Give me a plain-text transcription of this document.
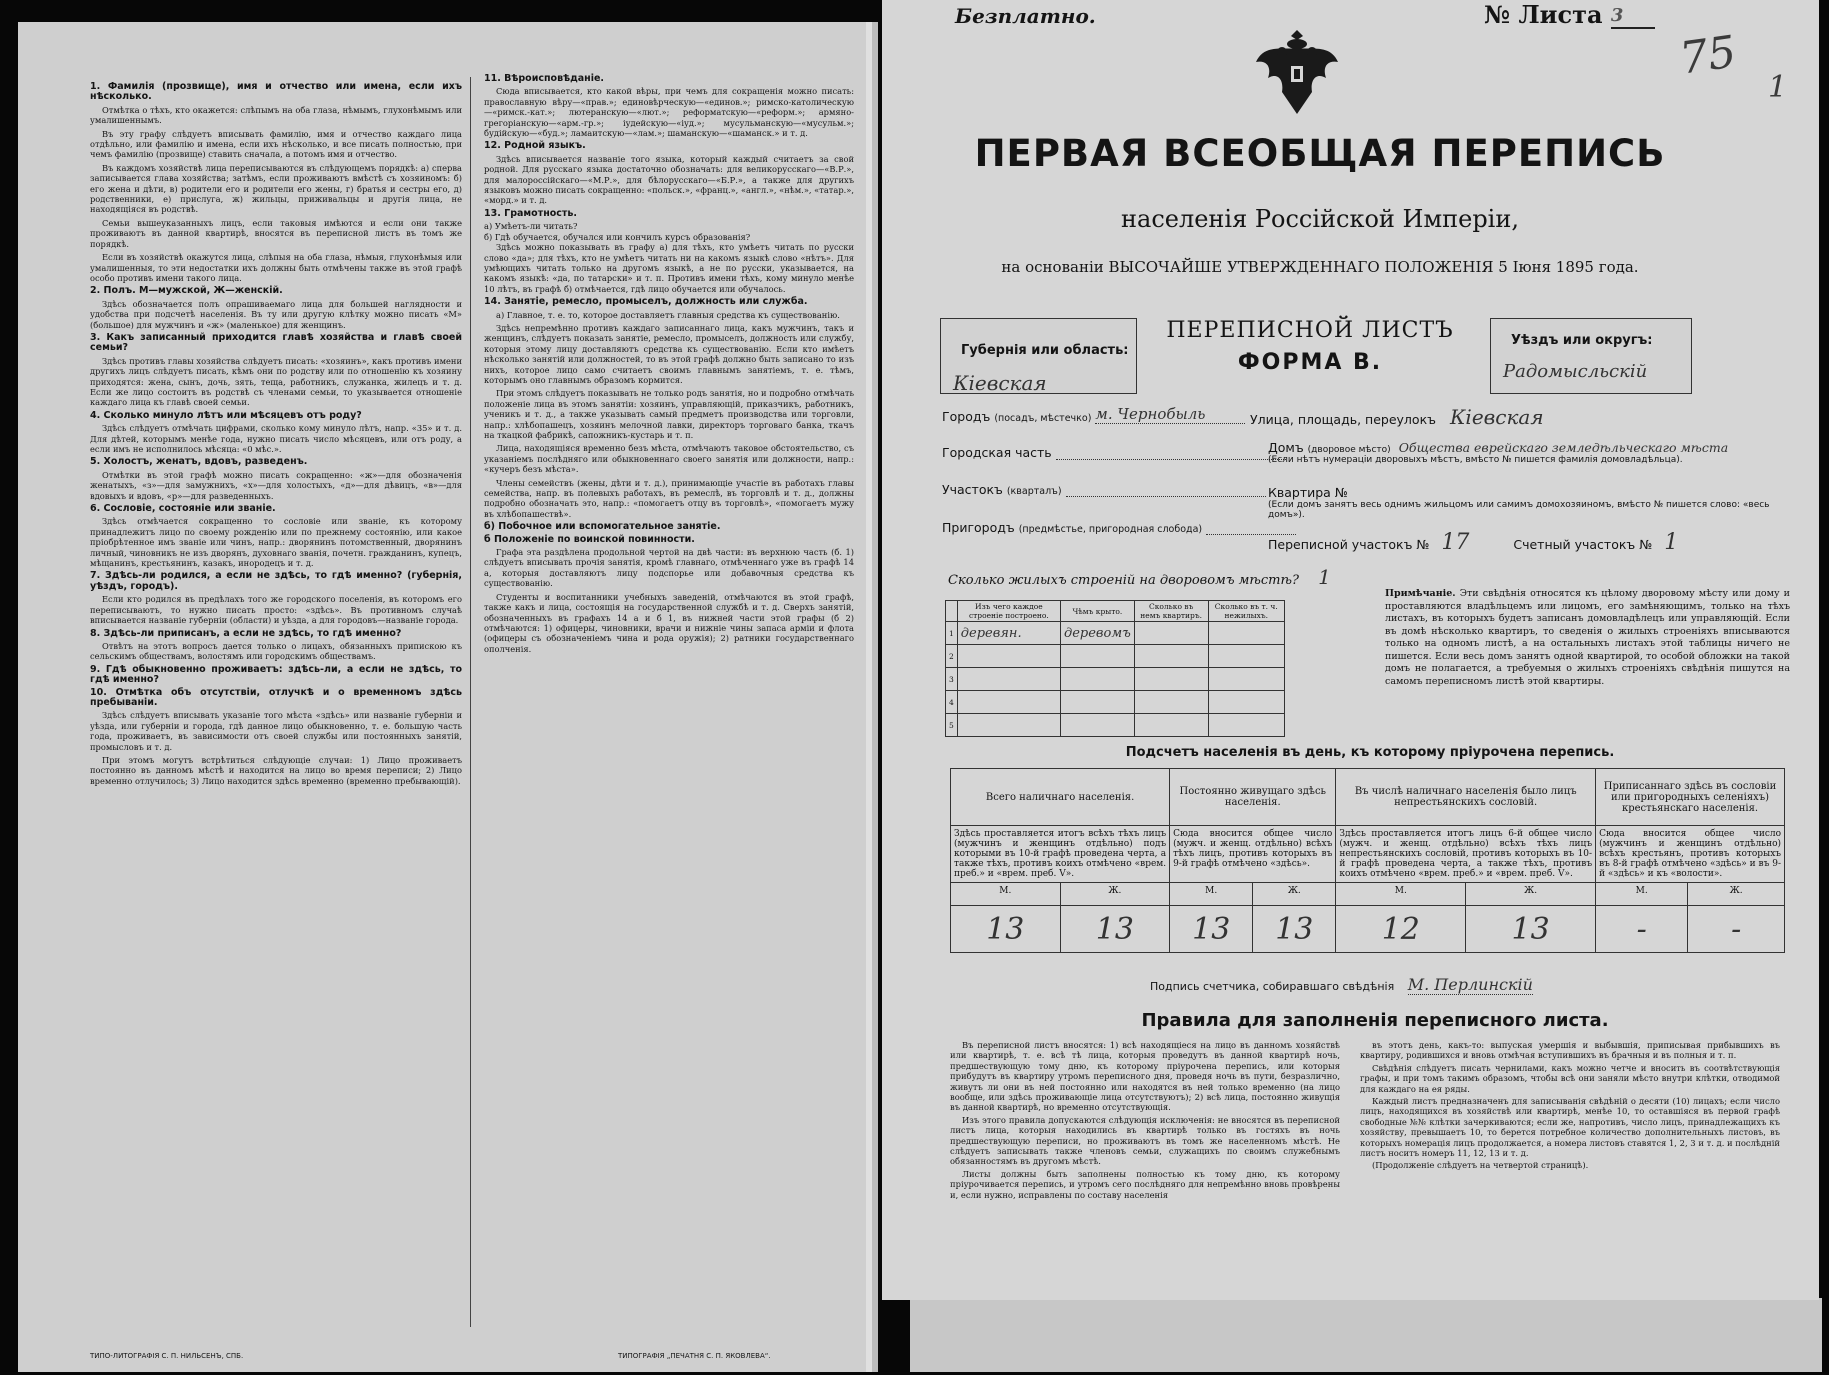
1. Фамилія (прозвище), имя и отчество или имена, если ихъ нѣсколько.

Отмѣтка о тѣхъ, кто окажется: слѣпымъ на оба глаза, нѣмымъ, глухонѣмымъ или умалишеннымъ.

Въ эту графу слѣдуетъ вписывать фамилію, имя и отчество каждаго лица отдѣльно, или фамилію и имена, если ихъ нѣсколько, и все писать полностью, при чемъ фамилію (прозвище) ставить сначала, а потомъ имя и отчество.

Въ каждомъ хозяйствѣ лица переписываются въ слѣдующемъ порядкѣ: а) сперва записывается глава хозяйства; затѣмъ, если проживаютъ вмѣстѣ съ хозяиномъ: б) его жена и дѣти, в) родители его и родители его жены, г) братья и сестры его, д) родственники, е) прислуга, ж) жильцы, приживальцы и другія лица, не находящіяся въ родствѣ.

Семьи вышеуказанныхъ лицъ, если таковыя имѣются и если они также проживаютъ въ данной квартирѣ, вносятся въ переписной листъ въ томъ же порядкѣ.

Если въ хозяйствѣ окажутся лица, слѣпыя на оба глаза, нѣмыя, глухонѣмыя или умалишенныя, то эти недостатки ихъ должны быть отмѣчены также въ этой графѣ особо противъ имени такого лица.

2. Полъ. М—мужской, Ж—женскій.

Здѣсь обозначается полъ опрашиваемаго лица для большей наглядности и удобства при подсчетѣ населенія. Въ ту или другую клѣтку можно писать «М» (большое) для мужчинъ и «ж» (маленькое) для женщинъ.

3. Какъ записанный приходится главѣ хозяйства и главѣ своей семьи?

Здѣсь противъ главы хозяйства слѣдуетъ писать: «хозяинъ», какъ противъ имени другихъ лицъ слѣдуетъ писать, кѣмъ они по родству или по отношенію къ хозяину приходятся: жена, сынъ, дочь, зять, теща, работникъ, служанка, жилецъ и т. д. Если же лицо состоитъ въ родствѣ съ членами семьи, то указывается отношеніе каждаго лица къ главѣ своей семьи.

4. Сколько минуло лѣтъ или мѣсяцевъ отъ роду?

Здѣсь слѣдуетъ отмѣчать цифрами, сколько кому минуло лѣтъ, напр. «35» и т. д. Для дѣтей, которымъ менѣе года, нужно писать число мѣсяцевъ, или отъ роду, а если имъ не исполнилось мѣсяца: «0 мѣс.».

5. Холостъ, женатъ, вдовъ, разведенъ.

Отмѣтки въ этой графѣ можно писать сокращенно: «ж»—для обозначенія женатыхъ, «з»—для замужнихъ, «х»—для холостыхъ, «д»—для дѣвицъ, «в»—для вдовыхъ и вдовъ, «р»—для разведенныхъ.

6. Сословіе, состояніе или званіе.

Здѣсь отмѣчается сокращенно то сословіе или званіе, къ которому принадлежитъ лицо по своему рожденію или по прежнему состоянію, или какое пріобрѣтенное имъ званіе или чинъ, напр.: дворянинъ потомственный, дворянинъ личный, чиновникъ не изъ дворянъ, духовнаго званія, почетн. гражданинъ, купецъ, мѣщанинъ, крестьянинъ, казакъ, инородецъ и т. д.

7. Здѣсь-ли родился, а если не здѣсь, то гдѣ именно? (губернія, уѣздъ, городъ).

Если кто родился въ предѣлахъ того же городского поселенія, въ которомъ его переписываютъ, то нужно писать просто: «здѣсь». Въ противномъ случаѣ вписывается названіе губерніи (области) и уѣзда, а для городовъ—названіе города.

8. Здѣсь-ли приписанъ, а если не здѣсь, то гдѣ именно?

Отвѣтъ на этотъ вопросъ дается только о лицахъ, обязанныхъ припискою къ сельскимъ обществамъ, волостямъ или городскимъ обществамъ.

9. Гдѣ обыкновенно проживаетъ: здѣсь-ли, а если не здѣсь, то гдѣ именно?
10. Отмѣтка объ отсутствіи, отлучкѣ и о временномъ здѣсь пребываніи.

Здѣсь слѣдуетъ вписывать указаніе того мѣста «здѣсь» или названіе губерніи и уѣзда, или губерніи и города, гдѣ данное лицо обыкновенно, т. е. большую часть года, проживаетъ, въ зависимости отъ своей службы или постоянныхъ занятій, промысловъ и т. д.

При этомъ могутъ встрѣтиться слѣдующіе случаи: 1) Лицо проживаетъ постоянно въ данномъ мѣстѣ и находится на лицо во время переписи; 2) Лицо временно отлучилось; 3) Лицо находится здѣсь временно (временно пребывающій).

11. Вѣроисповѣданіе.

Сюда вписывается, кто какой вѣры, при чемъ для сокращенія можно писать: православную вѣру—«прав.»; единовѣрческую—«единов.»; римско-католическую—«римск.-кат.»; лютеранскую—«лют.»; реформатскую—«реформ.»; армяно-грегоріанскую—«арм.-гр.»; іудейскую—«іуд.»; мусульманскую—«мусульм.»; будійскую—«буд.»; ламаитскую—«лам.»; шаманскую—«шаманск.» и т. д.

12. Родной языкъ.

Здѣсь вписывается названіе того языка, который каждый считаетъ за свой родной. Для русскаго языка достаточно обозначать: для великорусскаго—«В.Р.», для малороссійскаго—«М.Р.», для бѣлорусскаго—«Б.Р.», а также для другихъ языковъ можно писать сокращенно: «польск.», «франц.», «англ.», «нѣм.», «татар.», «морд.» и т. д.

13. Грамотность.
а) Умѣетъ-ли читать?
б) Гдѣ обучается, обучался или кончилъ курсъ образованія?

Здѣсь можно показывать въ графу а) для тѣхъ, кто умѣетъ читать по русски слово «да»; для тѣхъ, кто не умѣетъ читать ни на какомъ языкѣ слово «нѣтъ». Для умѣющихъ читать только на другомъ языкѣ, а не по русски, указывается, на какомъ языкѣ: «да, по татарски» и т. п. Противъ имени тѣхъ, кому минуло менѣе 10 лѣтъ, въ графѣ б) отмѣчается, гдѣ лицо обучается или обучалось.

14. Занятіе, ремесло, промыселъ, должность или служба.

а) Главное, т. е. то, которое доставляетъ главныя средства къ существованію.

Здѣсь непремѣнно противъ каждаго записаннаго лица, какъ мужчинъ, такъ и женщинъ, слѣдуетъ показать занятіе, ремесло, промыселъ, должность или службу, которыя этому лицу доставляютъ средства къ существованію. Если кто имѣетъ нѣсколько занятій или должностей, то въ этой графѣ должно быть записано то изъ нихъ, которое лицо само считаетъ своимъ главнымъ занятіемъ, т. е. тѣмъ, которымъ оно главнымъ образомъ кормится.

При этомъ слѣдуетъ показывать не только родъ занятія, но и подробно отмѣчать положеніе лица въ этомъ занятіи: хозяинъ, управляющій, приказчикъ, работникъ, ученикъ и т. д., а также указывать самый предметъ производства или торговли, напр.: хлѣбопашецъ, хозяинъ мелочной лавки, директоръ торговаго банка, ткачъ на ткацкой фабрикѣ, сапожникъ-кустарь и т. п.

Лица, находящіяся временно безъ мѣста, отмѣчаютъ таковое обстоятельство, съ указаніемъ послѣдняго или обыкновеннаго своего занятія или должности, напр.: «кучеръ безъ мѣста».

Члены семействъ (жены, дѣти и т. д.), принимающіе участіе въ работахъ главы семейства, напр. въ полевыхъ работахъ, въ ремеслѣ, въ торговлѣ и т. д., должны подробно обозначать это, напр.: «помогаетъ отцу въ торговлѣ», «помогаетъ мужу въ хлѣбопашествѣ».

б) Побочное или вспомогательное занятіе.
б Положеніе по воинской повинности.

Графа эта раздѣлена продольной чертой на двѣ части: въ верхнюю часть (б. 1) слѣдуетъ вписывать прочія занятія, кромѣ главнаго, отмѣченнаго уже въ графѣ 14 а, которыя доставляютъ лицу подспорье или добавочныя средства къ существованію.

Студенты и воспитанники учебныхъ заведеній, отмѣчаются въ этой графѣ, также какъ и лица, состоящія на государственной службѣ и т. д. Сверхъ занятій, обозначенныхъ въ графахъ 14 а и б 1, въ нижней части этой графы (б 2) отмѣчаются: 1) офицеры, чиновники, врачи и нижніе чины запаса арміи и флота (офицеры съ обозначеніемъ чина и рода оружія); 2) ратники государственнаго ополченія.

ТИПО-ЛИТОГРАФІЯ С. П. НИЛЬСЕНЪ, СПБ.	ТИПОГРАФІЯ „ПЕЧАТНЯ С. П. ЯКОВЛЕВА“.
Безплатно.	№ Листа 3
75
1
ПЕРВАЯ ВСЕОБЩАЯ ПЕРЕПИСЬ
населенія Россійской Имперіи,
на основаніи ВЫСОЧАЙШЕ УТВЕРЖДЕННАГО ПОЛОЖЕНІЯ 5 Іюня 1895 года.
Губернія или область:
Кіевская
ПЕРЕПИСНОЙ ЛИСТЪ
ФОРМА В.
Уѣздъ или округъ:
Радомысльскій
Городъ (посадъ, мѣстечко) м. Чернобыль
Городская часть
Участокъ (кварталъ)
Пригородъ (предмѣстье, пригородная слобода)
Улица, площадь, переулокъ Кіевская
Домъ (дворовое мѣсто) Общества еврейскаго земледѣльческаго мѣста
(Если нѣтъ нумераціи дворовыхъ мѣстъ, вмѣсто № пишется фамилія домовладѣльца).
Квартира №
(Если домъ занятъ весь однимъ жильцомъ или самимъ домохозяиномъ, вмѣсто № пишется слово: «весь домъ»).
Переписной участокъ № 17	Счетный участокъ № 1
Сколько жилыхъ строеній на дворовомъ мѣстѣ? 1
	Изъ чего каждое строеніе построено.	Чѣмъ крыто.	Сколько въ немъ квартиръ.	Сколько въ т. ч. нежилыхъ.
1	деревян.	деревомъ		
2				
3				
4				
5				
Примѣчаніе. Эти свѣдѣнія относятся къ цѣлому дворовому мѣсту или дому и проставляются владѣльцемъ или лицомъ, его замѣняющимъ, только на тѣхъ листахъ, въ которыхъ будетъ записанъ домовладѣлецъ или управляющій. Если въ домѣ нѣсколько квартиръ, то сведенія о жилыхъ строеніяхъ вписываются только на одномъ листѣ, а на остальныхъ листахъ этой таблицы ничего не пишется. Если весь домъ занятъ одной квартирой, то особой обложки на такой домъ не полагается, а требуемыя о жилыхъ строеніяхъ свѣдѣнія пишутся на самомъ переписномъ листѣ этой квартиры.
Подсчетъ населенія въ день, къ которому пріурочена перепись.
Всего наличнаго населенія.		Постоянно живущаго здѣсь населенія.		Въ числѣ наличнаго населенія было лицъ непрестьянскихъ сословій.		Приписаннаго здѣсь въ сословіи или пригородныхъ селеніяхъ) крестьянскаго населенія.	
Здѣсь проставляется итогъ всѣхъ тѣхъ лицъ (мужчинъ и женщинъ отдѣльно) подъ которыми въ 10-й графѣ проведена черта, а также тѣхъ, противъ коихъ отмѣчено «врем. преб.» и «врем. преб. V».		Сюда вносится общее число (мужч. и женщ. отдѣльно) всѣхъ тѣхъ лицъ, противъ которыхъ въ 9-й графѣ отмѣчено «здѣсь».		Здѣсь проставляется итогъ лицъ 6-й общее число (мужч. и женщ. отдѣльно) всѣхъ тѣхъ лицъ непрестьянскихъ сословій, противъ которыхъ въ 10-й графѣ проведена черта, а также тѣхъ, противъ коихъ отмѣчено «врем. преб.» и «врем. преб. V».		Сюда вносится общее число (мужчинъ и женщинъ отдѣльно) всѣхъ крестьянъ, противъ которыхъ въ 8-й графѣ отмѣчено «здѣсь» и въ 9-й «здѣсь» и къ «волости».	
М.	Ж.	М.	Ж.	М.	Ж.	М.	Ж.
13	13	13	13	12	13	-	-
Подпись счетчика, собиравшаго свѣдѣнія М. Перлинскій
Правила для заполненія переписного листа.

Въ переписной листъ вносятся: 1) всѣ находящіеся на лицо въ данномъ хозяйствѣ или квартирѣ, т. е. всѣ тѣ лица, которыя проведутъ въ данной квартирѣ ночь, предшествующую тому дню, къ которому пріурочена перепись, или которыя прибудутъ въ квартиру утромъ переписного дня, проведя ночь въ пути, безразлично, живутъ ли они въ ней постоянно или находятся въ ней только временно (на лицо вообще, или здѣсь проживающіе лица отсутствуютъ); 2) всѣ лица, постоянно живущія въ данной квартирѣ, но временно отсутствующія.

Изъ этого правила допускаются слѣдующія исключенія: не вносятся въ переписной листъ лица, которыя находились въ квартирѣ только въ гостяхъ въ ночь предшествующую переписи, но проживаютъ въ томъ же населенномъ мѣстѣ. Не слѣдуетъ записывать также членовъ семьи, служащихъ по своимъ служебнымъ обязанностямъ въ другомъ мѣстѣ.

Листы должны быть заполнены полностью къ тому дню, къ которому пріурочивается перепись, и утромъ сего послѣдняго для непремѣнно вновь провѣрены и, если нужно, исправлены по составу населенія

въ этотъ день, какъ-то: выпуская умершія и выбывшія, приписывая прибывшихъ въ квартиру, родившихся и вновь отмѣчая вступившихъ въ брачныя и въ полныя и т. п.

Свѣдѣнія слѣдуетъ писать чернилами, какъ можно четче и вносить въ соотвѣтствующія графы, и при томъ такимъ образомъ, чтобы всѣ они заняли мѣсто внутри клѣтки, отводимой для каждаго на ея ряды.

Каждый листъ предназначенъ для записыванія свѣдѣній о десяти (10) лицахъ; если число лицъ, находящихся въ хозяйствѣ или квартирѣ, менѣе 10, то оставшіяся въ первой графѣ свободные №№ клѣтки зачеркиваются; если же, напротивъ, число лицъ, принадлежащихъ къ хозяйству, превышаетъ 10, то берется потребное количество дополнительныхъ листовъ, въ которыхъ номерація лицъ продолжается, а номера листовъ ставятся 1, 2, 3 и т. д. и послѣдній листъ носитъ номеръ 11, 12, 13 и т. д.

(Продолженіе слѣдуетъ на четвертой страницѣ).
